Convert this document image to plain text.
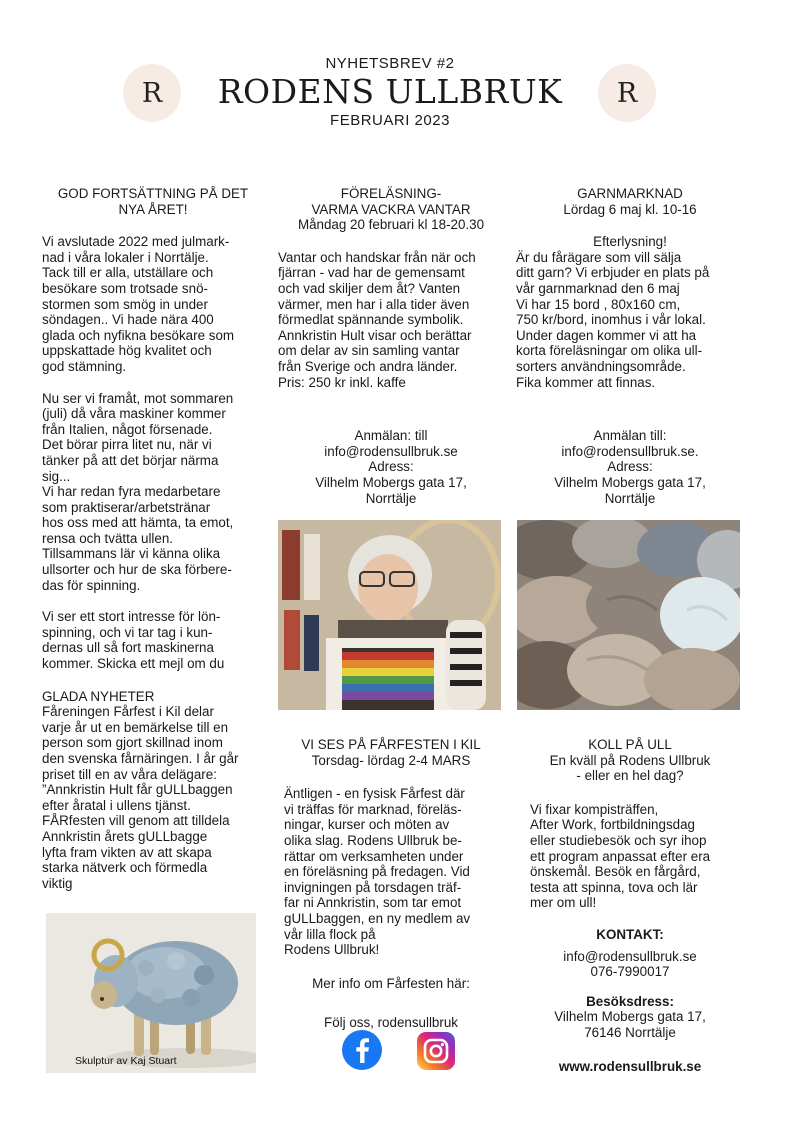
R	R
NYHETSBREV #2
RODENS ULLBRUK
FEBRUARI 2023

GOD FORTSÄTTNING PÅ DET
NYA ÅRET!

Vi avslutade 2022 med julmark-
nad i våra lokaler i Norrtälje.
Tack till er alla, utställare och
besökare som trotsade snö-
stormen som smög in under
söndagen.. Vi hade nära 400
glada och nyfikna besökare som
uppskattade hög kvalitet och
god stämning.

Nu ser vi framåt, mot sommaren
(juli) då våra maskiner kommer
från Italien, något försenade.
Det börar pirra litet nu, när vi
tänker på att det börjar närma
sig...
Vi har redan fyra medarbetare
som praktiserar/arbetstränar
hos oss med att hämta, ta emot,
rensa och tvätta ullen.
Tillsammans lär vi känna olika
ullsorter och hur de ska förbere-
das för spinning.

Vi ser ett stort intresse för lön-
spinning, och vi tar tag i kun-
dernas ull så fort maskinerna
kommer. Skicka ett mejl om du

GLADA NYHETER

Fåreningen Fårfest i Kil delar
varje år ut en bemärkelse till en
person som gjort skillnad inom
den svenska fårnäringen. I år går
priset till en av våra delägare:
”Annkristin Hult får gULLbaggen
efter åratal i ullens tjänst.
FÅRfesten vill genom att tilldela
Annkristin årets gULLbagge
lyfta fram vikten av att skapa
starka nätverk och förmedla
viktig

Skulptur av Kaj Stuart

FÖRELÄSNING-
VARMA VACKRA VANTAR
Måndag 20 februari kl 18-20.30

Vantar och handskar från när och
fjärran - vad har de gemensamt
och vad skiljer dem åt? Vanten
värmer, men har i alla tider även
förmedlat spännande symbolik.
Annkristin Hult visar och berättar
om delar av sin samling vantar
från Sverige och andra länder.
Pris: 250 kr inkl. kaffe

Anmälan: till
info@rodensullbruk.se
Adress:
Vilhelm Mobergs gata 17,
Norrtälje

VI SES PÅ FÅRFESTEN I KIL
Torsdag- lördag 2-4 MARS

Äntligen - en fysisk Fårfest där
vi träffas för marknad, föreläs-
ningar, kurser och möten av
olika slag. Rodens Ullbruk be-
rättar om verksamheten under
en föreläsning på fredagen. Vid
invigningen på torsdagen träf-
far ni Annkristin, som tar emot
gULLbaggen, en ny medlem av
vår lilla flock på
Rodens Ullbruk!

Mer info om Fårfesten här:

Följ oss, rodensullbruk

GARNMARKNAD
Lördag 6 maj kl. 10-16

Efterlysning!

Är du fårägare som vill sälja
ditt garn? Vi erbjuder en plats på
vår garnmarknad den 6 maj
Vi har 15 bord , 80x160 cm,
750 kr/bord, inomhus i vår lokal.
Under dagen kommer vi att ha
korta föreläsningar om olika ull-
sorters användningsområde.
Fika kommer att finnas.

Anmälan till:
info@rodensullbruk.se.
Adress:
Vilhelm Mobergs gata 17,
Norrtälje

KOLL PÅ ULL
En kväll på Rodens Ullbruk
- eller en hel dag?

Vi fixar kompisträffen,
After Work, fortbildningsdag
eller studiebesök och syr ihop
ett program anpassat efter era
önskemål. Besök en fårgård,
testa att spinna, tova och lär
mer om ull!

KONTAKT:

info@rodensullbruk.se
076-7990017

Besöksdress:

Vilhelm Mobergs gata 17,
76146 Norrtälje

www.rodensullbruk.se
